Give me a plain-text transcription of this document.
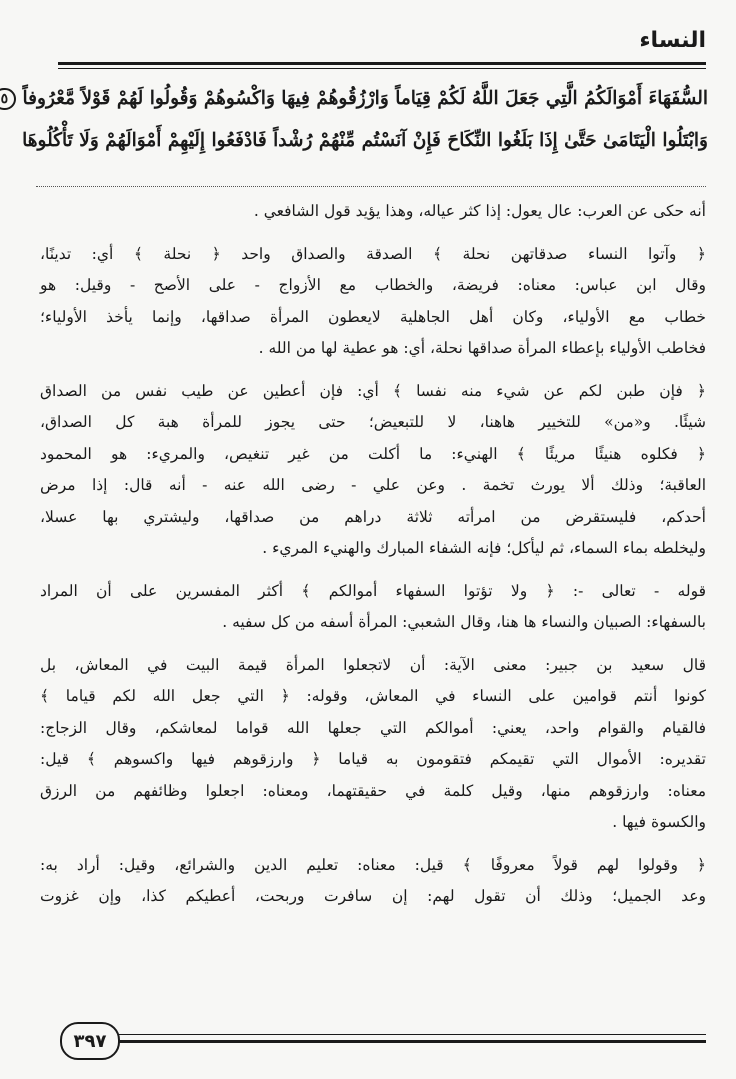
النساء
السُّفَهَاءَ أَمْوَالَكُمُ الَّتِي جَعَلَ اللَّهُ لَكُمْ قِيَاماً وَارْزُقُوهُمْ فِيهَا وَاكْسُوهُمْ وَقُولُوا لَهُمْ قَوْلاً مَّعْرُوفاً ٥
وَابْتَلُوا الْيَتَامَىٰ حَتَّىٰ إِذَا بَلَغُوا النِّكَاحَ فَإِنْ آنَسْتُم مِّنْهُمْ رُشْداً فَادْفَعُوا إِلَيْهِمْ أَمْوَالَهُمْ وَلَا تَأْكُلُوهَا
أنه حكى عن العرب: عال يعول: إذا كثر عياله، وهذا يؤيد قول الشافعي .
﴿ وآتوا النساء صدقاتهن نحلة ﴾ الصدقة والصداق واحد ﴿ نحلة ﴾ أي: تدينًا،
وقال ابن عباس: معناه: فريضة، والخطاب مع الأزواج - على الأصح - وقيل: هو
خطاب مع الأولياء، وكان أهل الجاهلية لايعطون المرأة صداقها، وإنما يأخذ الأولياء؛
فخاطب الأولياء بإعطاء المرأة صداقها نحلة، أي: هو عطية لها من الله .
﴿ فإن طبن لكم عن شيء منه نفسا ﴾ أي: فإن أعطين عن طيب نفس من الصداق
شيئًا. و«من» للتخيير هاهنا، لا للتبعيض؛ حتى يجوز للمرأة هبة كل الصداق،
﴿ فكلوه هنيئًا مريئًا ﴾ الهنيء: ما أكلت من غير تنغيص، والمريء: هو المحمود
العاقبة؛ وذلك ألا يورث تخمة . وعن علي - رضى الله عنه - أنه قال: إذا مرض
أحدكم، فليستقرض من امرأته ثلاثة دراهم من صداقها، وليشتري بها عسلا،
وليخلطه بماء السماء، ثم ليأكل؛ فإنه الشفاء المبارك والهنيء المريء .
قوله - تعالى -: ﴿ ولا تؤتوا السفهاء أموالكم ﴾ أكثر المفسرين على أن المراد
بالسفهاء: الصبيان والنساء ها هنا، وقال الشعبي: المرأة أسفه من كل سفيه .
قال سعيد بن جبير: معنى الآية: أن لاتجعلوا المرأة قيمة البيت في المعاش، بل
كونوا أنتم قوامين على النساء في المعاش، وقوله: ﴿ التي جعل الله لكم قياما ﴾
فالقيام والقوام واحد، يعني: أموالكم التي جعلها الله قواما لمعاشكم، وقال الزجاج:
تقديره: الأموال التي تقيمكم فتقومون به قياما ﴿ وارزقوهم فيها واكسوهم ﴾ قيل:
معناه: وارزقوهم منها، وقيل كلمة في حقيقتهما، ومعناه: اجعلوا وظائفهم من الرزق
والكسوة فيها .
﴿ وقولوا لهم قولاً معروفًا ﴾ قيل: معناه: تعليم الدين والشرائع، وقيل: أراد به:
وعد الجميل؛ وذلك أن تقول لهم: إن سافرت وربحت، أعطيكم كذا، وإن غزوت
٣٩٧
